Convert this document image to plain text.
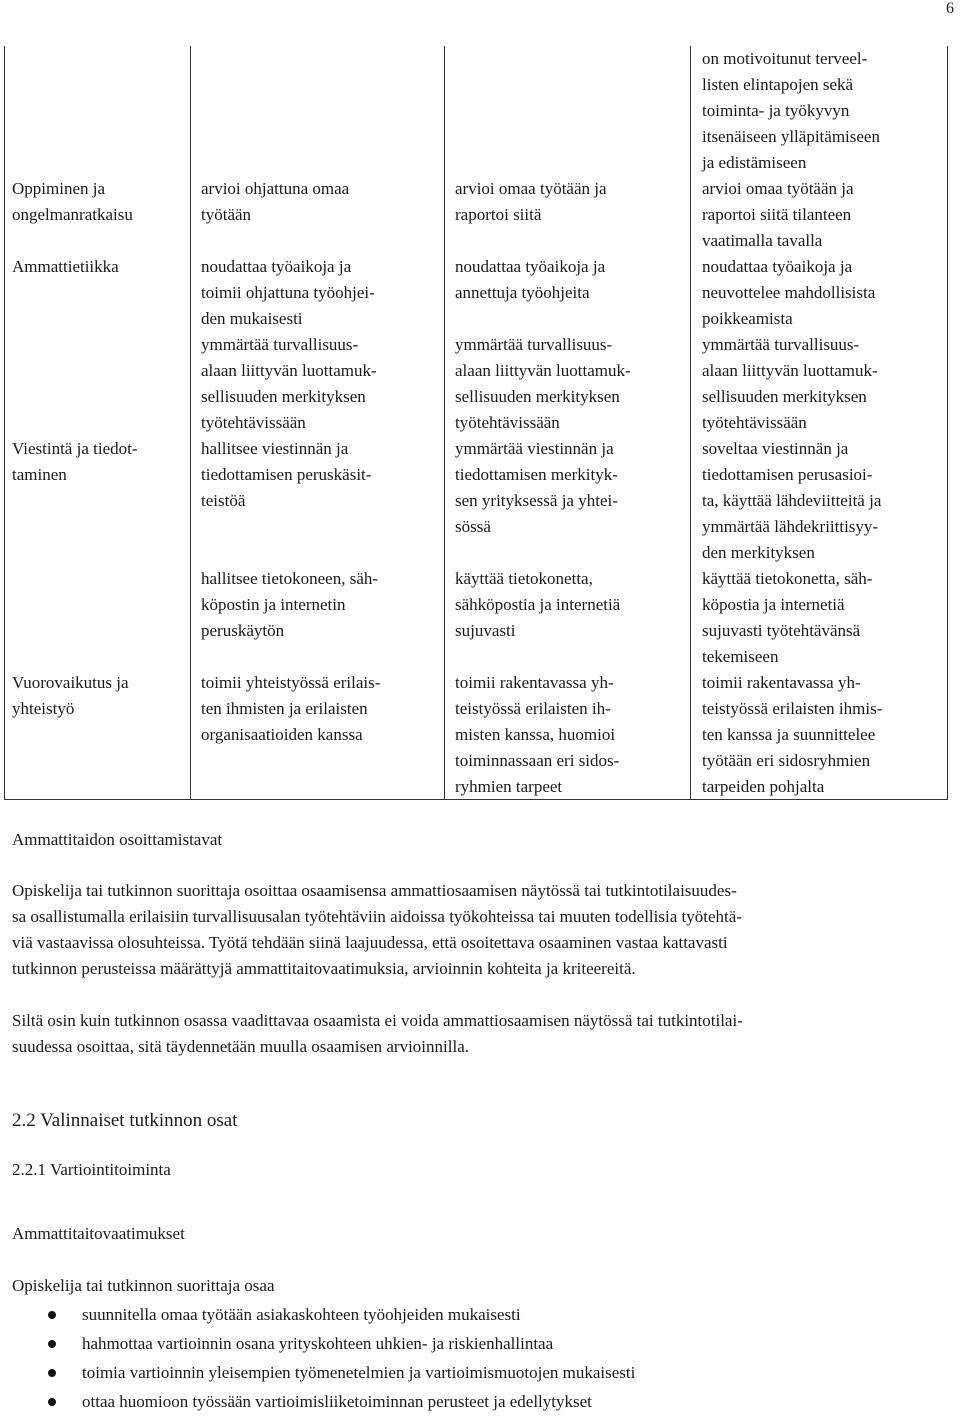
6
on motivoitunut terveel-
listen elintapojen sekä
toiminta- ja työkyvyn
itsenäiseen ylläpitämiseen
ja edistämiseen
Oppiminen ja
ongelmanratkaisu
arvioi ohjattuna omaa
työtään
arvioi omaa työtään ja
raportoi siitä
arvioi omaa työtään ja
raportoi siitä tilanteen
vaatimalla tavalla
Ammattietiikka	noudattaa työaikoja ja
toimii ohjattuna työohjei-
den mukaisesti
noudattaa työaikoja ja
annettuja työohjeita
noudattaa työaikoja ja
neuvottelee mahdollisista
poikkeamista
ymmärtää turvallisuus-
alaan liittyvän luottamuk-
sellisuuden merkityksen
työtehtävissään
ymmärtää turvallisuus-
alaan liittyvän luottamuk-
sellisuuden merkityksen
työtehtävissään
ymmärtää turvallisuus-
alaan liittyvän luottamuk-
sellisuuden merkityksen
työtehtävissään
Viestintä ja tiedot-
taminen
hallitsee viestinnän ja
tiedottamisen peruskäsit-
teistöä
ymmärtää viestinnän ja
tiedottamisen merkityk-
sen yrityksessä ja yhtei-
sössä
soveltaa viestinnän ja
tiedottamisen perusasioi-
ta, käyttää lähdeviitteitä ja
ymmärtää lähdekriittisyy-
den merkityksen
hallitsee tietokoneen, säh-
köpostin ja internetin
peruskäytön
käyttää tietokonetta,
sähköpostia ja internetiä
sujuvasti
käyttää tietokonetta, säh-
köpostia ja internetiä
sujuvasti työtehtävänsä
tekemiseen
Vuorovaikutus ja
yhteistyö
toimii yhteistyössä erilais-
ten ihmisten ja erilaisten
organisaatioiden kanssa
toimii rakentavassa yh-
teistyössä erilaisten ih-
misten kanssa, huomioi
toiminnassaan eri sidos-
ryhmien tarpeet
toimii rakentavassa yh-
teistyössä erilaisten ihmis-
ten kanssa ja suunnittelee
työtään eri sidosryhmien
tarpeiden pohjalta
Ammattitaidon osoittamistavat
Opiskelija tai tutkinnon suorittaja osoittaa osaamisensa ammattiosaamisen näytössä tai tutkintotilaisuudes-
sa osallistumalla erilaisiin turvallisuusalan työtehtäviin aidoissa työkohteissa tai muuten todellisia työtehtä-
viä vastaavissa olosuhteissa. Työtä tehdään siinä laajuudessa, että osoitettava osaaminen vastaa kattavasti
tutkinnon perusteissa määrättyjä ammattitaitovaatimuksia, arvioinnin kohteita ja kriteereitä.
Siltä osin kuin tutkinnon osassa vaadittavaa osaamista ei voida ammattiosaamisen näytössä tai tutkintotilai-
suudessa osoittaa, sitä täydennetään muulla osaamisen arvioinnilla.
2.2 Valinnaiset tutkinnon osat
2.2.1 Vartiointitoiminta
Ammattitaitovaatimukset
Opiskelija tai tutkinnon suorittaja osaa
suunnitella omaa työtään asiakaskohteen työohjeiden mukaisesti
hahmottaa vartioinnin osana yrityskohteen uhkien- ja riskienhallintaa
toimia vartioinnin yleisempien työmenetelmien ja vartioimismuotojen mukaisesti
ottaa huomioon työssään vartioimisliiketoiminnan perusteet ja edellytykset
